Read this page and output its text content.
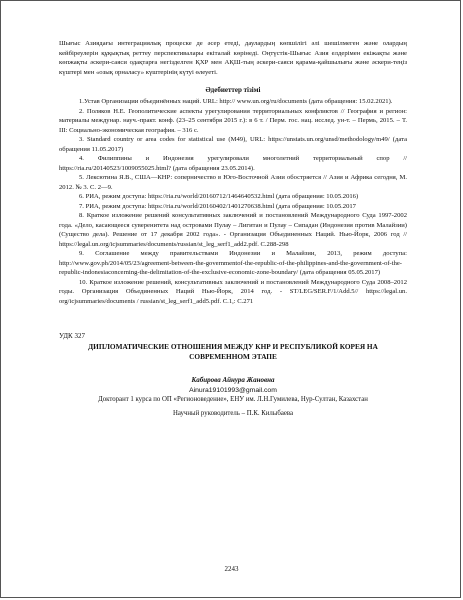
Шығыс Азиядағы интеграциялық процеске де әсер етеді, даулардың көпшілігі әлі шешілмеген және олардың кейбіреулерін құқықтық реттеу перспективалары екіталай көрінеді. Оңтүстік-Шығыс Азия елдерімен екіжақты және көпжақты әскери-саяси одақтарға негізделген ҚХР мен АҚШ-тың әскери-саяси қарама-қайшылығы және әскери-теңіз күштері мен «озық орналасу» күштерінің күтуі өлеуеті.

Әдебиеттер тізімі

1.Устав Организации объединённых наций. URL: http:// www.un.org/ru/documents (дата обращения: 15.02.2021).

2. Поляков Н.Е. Геополитические аспекты урегулирования территориальных конфликтов // География и регион: материалы междунар. науч.-практ. конф. (23–25 сентября 2015 г.): в 6 т. / Перм. гос. нац. исслед. ун-т. – Пермь, 2015. – Т. III: Социально-экономическая география. – 316 с.

3. Standard country or area codes for statistical use (M49), URL: https://unstats.un.org/unsd/methodology/m49/ (дата обращения 11.05.2017)

4. Филиппины и Индонезия урегулировали многолетний территориальный спор // https://ria.ru/20140523/1009055025.html? (дата обращения 23.05.2014).

5. Лексютина Я.В., США—КНР: соперничество в Юго-Восточной Азии обостряется // Азия и Африка сегодня, М. 2012. № 3. С. 2—9.

6. РИА, режим доступа: https://ria.ru/world/20160712/1464640532.html (дата обращения: 10.05.2016)

7. РИА, режим доступа: https://ria.ru/world/20160402/1401270638.html (дата обращения: 10.05.2017

8. Краткое изложение решений консультативных заключений и постановлений Международного Суда 1997-2002 года. «Дело, касающееся суверенитета над островами Пулау – Лигитан и Пулау – Сипадан (Индонезия против Малайзии) (Существо дела). Решение от 17 декабря 2002 года». - Организация Объединенных Наций. Нью-Йорк, 2006 год // https://legal.un.org/icjsummaries/documents/russian/st_leg_serf1_add2.pdf. С.288-298

9. Соглашение между правительствами Индонезии и Малайзии, 2013, режим доступа: http://www.gov.ph/2014/05/23/agreement-between-the-governmentof-the-republic-of-the-philippines-and-the-government-of-the-republic-indonesiaconcerning-the-delimitation-of-the-exclusive-economic-zone-boundary/ (дата обращения 05.05.2017)

10. Краткое изложение решений, консультативных заключений и постановлений Международного Суда 2008–2012 годы. Организация Объединенных Наций Нью-Йорк, 2014 год. - ST/LEG/SER.F/1/Add.5// https://legal.un. org/icjsummaries/documents / russian/st_leg_serf1_add5.pdf. С.1,: С.271

УДК 327

ДИПЛОМАТИЧЕСКИЕ ОТНОШЕНИЯ МЕЖДУ КНР И РЕСПУБЛИКОЙ КОРЕЯ НА СОВРЕМЕННОМ ЭТАПЕ

Кабирова Айнура Жановна

Ainura19101993@gmail.com

Докторант 1 курса по ОП «Регионоведение», ЕНУ им. Л.Н.Гумилева, Нур-Султан, Казахстан

Научный руководитель – П.К. Килыбаева

2243
